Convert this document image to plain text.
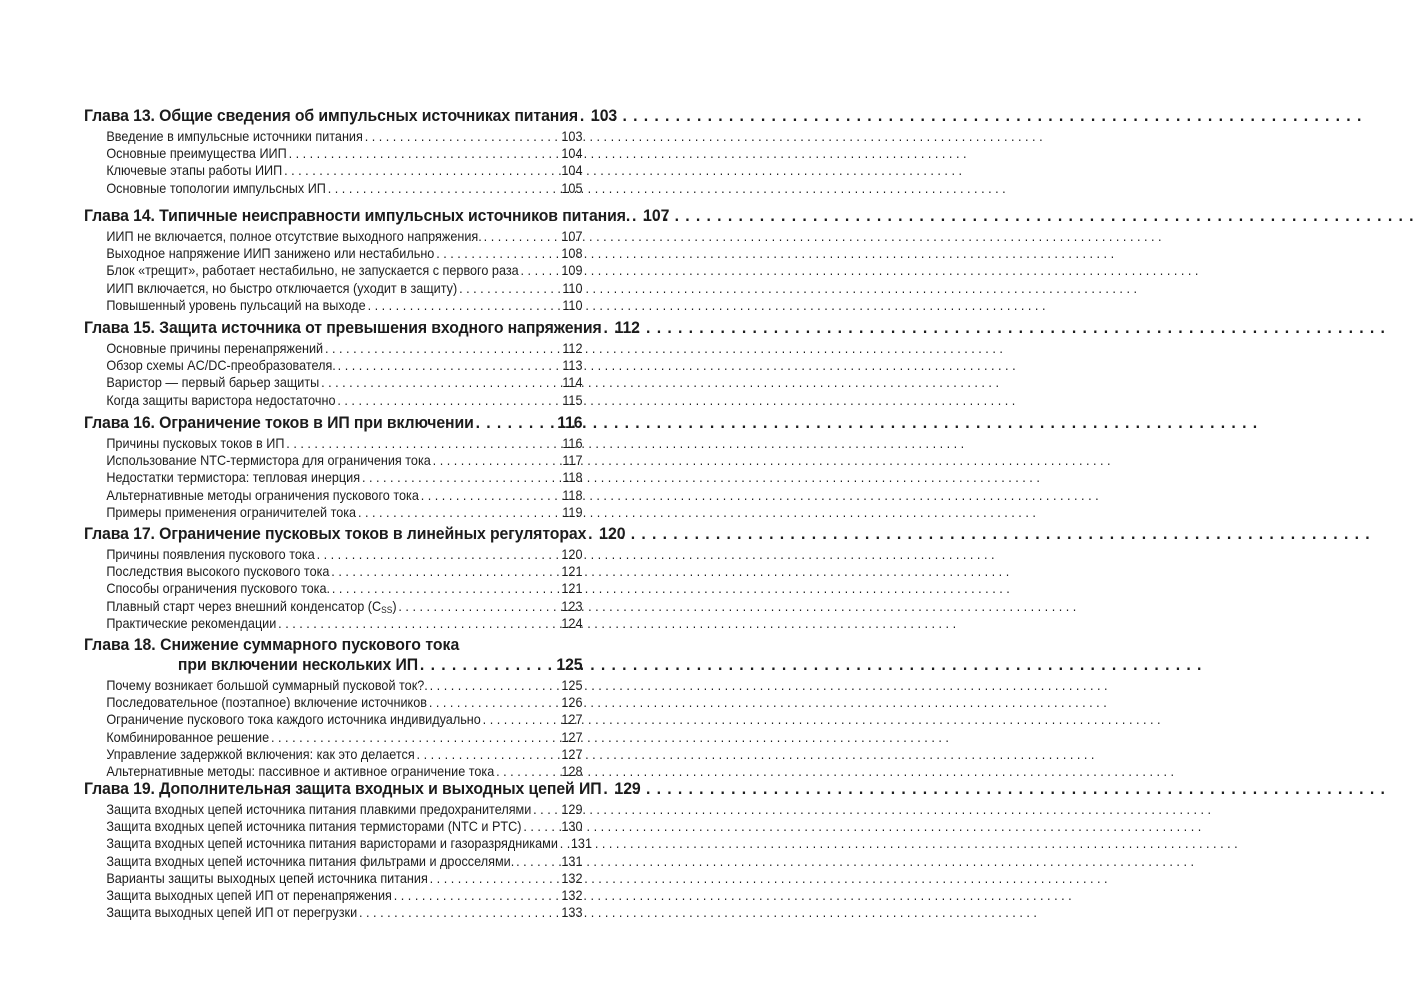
Глава 13. Общие сведения об импульсных источниках питания . . . 103
Введение в импульсные источники питания . . .	103
Основные преимущества ИИП . . .	104
Ключевые этапы работы ИИП . . .	104
Основные топологии импульсных ИП . . .	105
Глава 14. Типичные неисправности импульсных источников питания. . . . 107
ИИП не включается, полное отсутствие выходного напряжения. . . .	107
Выходное напряжение ИИП занижено или нестабильно . . .	108
Блок «трещит», работает нестабильно, не запускается с первого раза . . .	109
ИИП включается, но быстро отключается (уходит в защиту) . . .	110
Повышенный уровень пульсаций на выходе . . .	110
Глава 15. Защита источника от превышения входного напряжения . . . 112
Основные причины перенапряжений . . .	112
Обзор схемы AC/DC-преобразователя. . . .	113
Варистор — первый барьер защиты . . .	114
Когда защиты варистора недостаточно . . .	115
Глава 16. Ограничение токов в ИП при включении . . .	116
Причины пусковых токов в ИП . . .	116
Использование NTC-термистора для ограничения тока . . .	117
Недостатки термистора: тепловая инерция . . .	118
Альтернативные методы ограничения пускового тока . . .	118
Примеры применения ограничителей тока . . .	119
Глава 17. Ограничение пусковых токов в линейных регуляторах . . . 120
Причины появления пускового тока . . .	120
Последствия высокого пускового тока . . .	121
Способы ограничения пускового тока. . . .	121
Плавный старт через внешний конденсатор $(C_{SS})$ . . .	123
Практические рекомендации . . .	124
Глава 18. Снижение суммарного пускового тока
при включении нескольких ИП . . .	125
Почему возникает большой суммарный пусковой ток?. . . .	125
Последовательное (поэтапное) включение источников . . .	126
Ограничение пускового тока каждого источника индивидуально . . .	127
Комбинированное решение . . .	127
Управление задержкой включения: как это делается . . .	127
Альтернативные методы: пассивное и активное ограничение тока . . .	128
Глава 19. Дополнительная защита входных и выходных цепей ИП . . . 129
Защита входных цепей источника питания плавкими предохранителями . . . 129
Защита входных цепей источника питания термисторами (NTC и PTC) . . .	130
Защита входных цепей источника питания варисторами и газоразрядниками . . . 131
Защита входных цепей источника питания фильтрами и дросселями. . . .	131
Варианты защиты выходных цепей источника питания . . .	132
Защита выходных цепей ИП от перенапряжения . . .	132
Защита выходных цепей ИП от перегрузки . . .	133
